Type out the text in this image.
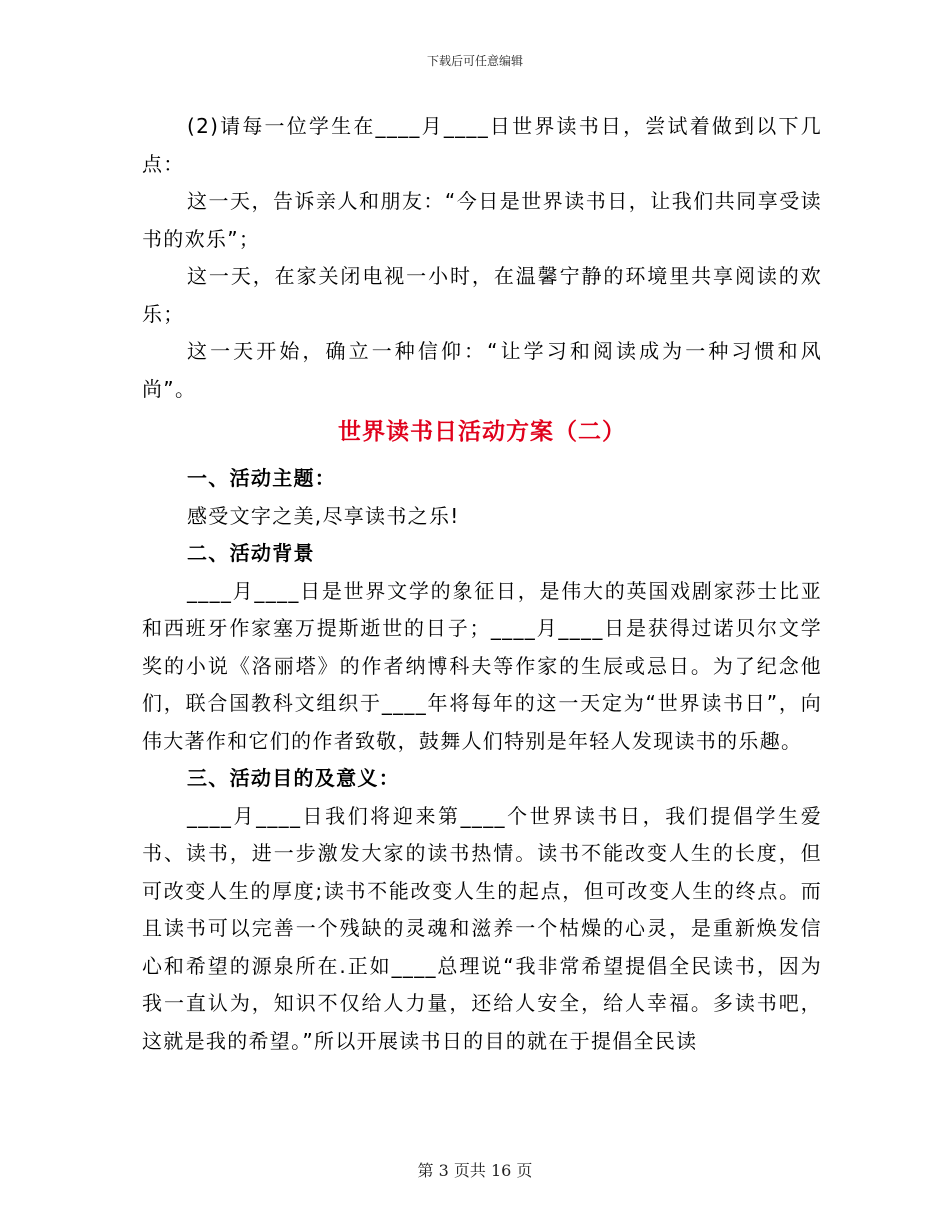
下载后可任意编辑

(2)请每一位学生在____月____日世界读书日，尝试着做到以下几点：

这一天，告诉亲人和朋友：“今日是世界读书日，让我们共同享受读书的欢乐”；

这一天，在家关闭电视一小时，在温馨宁静的环境里共享阅读的欢乐；

这一天开始，确立一种信仰：“让学习和阅读成为一种习惯和风尚”。

世界读书日活动方案（二）

一、活动主题：

感受文字之美,尽享读书之乐!

二、活动背景

____月____日是世界文学的象征日，是伟大的英国戏剧家莎士比亚和西班牙作家塞万提斯逝世的日子；____月____日是获得过诺贝尔文学奖的小说《洛丽塔》的作者纳博科夫等作家的生辰或忌日。为了纪念他们，联合国教科文组织于____年将每年的这一天定为“世界读书日”，向伟大著作和它们的作者致敬，鼓舞人们特别是年轻人发现读书的乐趣。

三、活动目的及意义：

____月____日我们将迎来第____个世界读书日，我们提倡学生爱书、读书，进一步激发大家的读书热情。读书不能改变人生的长度，但可改变人生的厚度;读书不能改变人生的起点，但可改变人生的终点。而且读书可以完善一个残缺的灵魂和滋养一个枯燥的心灵，是重新焕发信心和希望的源泉所在.正如____总理说“我非常希望提倡全民读书，因为我一直认为，知识不仅给人力量，还给人安全，给人幸福。多读书吧，这就是我的希望。”所以开展读书日的目的就在于提倡全民读

第 3 页共 16 页
